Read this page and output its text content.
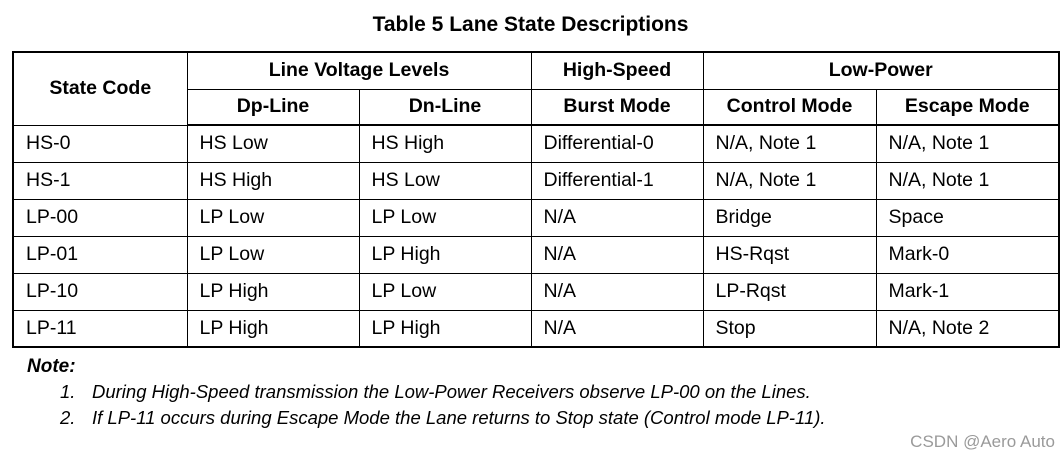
Table 5 Lane State Descriptions
State Code	Line Voltage Levels		High-Speed	Low-Power	
	Dp-Line	Dn-Line	Burst Mode	Control Mode	Escape Mode
HS-0	HS Low	HS High	Differential-0	N/A, Note 1	N/A, Note 1
HS-1	HS High	HS Low	Differential-1	N/A, Note 1	N/A, Note 1
LP-00	LP Low	LP Low	N/A	Bridge	Space
LP-01	LP Low	LP High	N/A	HS-Rqst	Mark-0
LP-10	LP High	LP Low	N/A	LP-Rqst	Mark-1
LP-11	LP High	LP High	N/A	Stop	N/A, Note 2
Note:
1. During High-Speed transmission the Low-Power Receivers observe LP-00 on the Lines.
2. If LP-11 occurs during Escape Mode the Lane returns to Stop state (Control mode LP-11).
CSDN @Aero Auto
